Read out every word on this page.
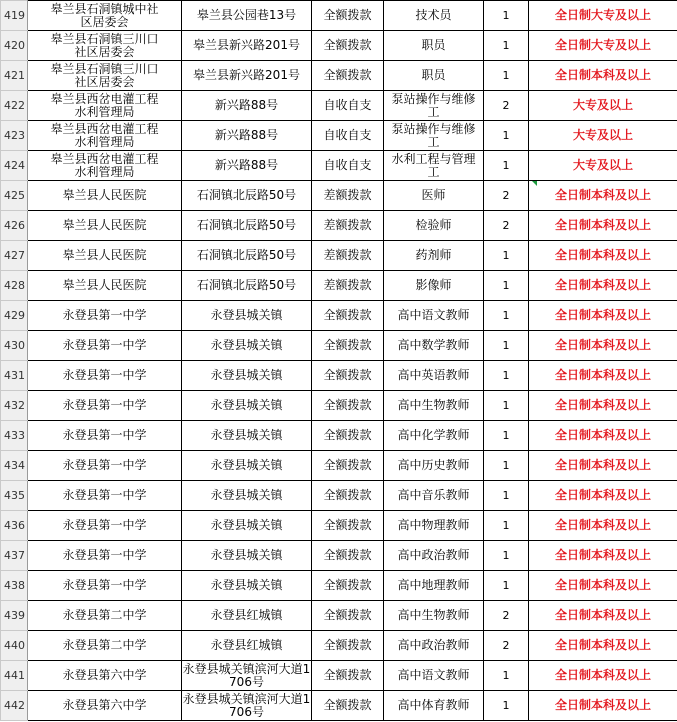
419	皋兰县石洞镇城中社
区居委会	皋兰县公园巷13号	全额拨款	技术员	1	全日制大专及以上
420	皋兰县石洞镇三川口
社区居委会	皋兰县新兴路201号	全额拨款	职员	1	全日制大专及以上
421	皋兰县石洞镇三川口
社区居委会	皋兰县新兴路201号	全额拨款	职员	1	全日制本科及以上
422	皋兰县西岔电灌工程
水利管理局	新兴路88号	自收自支	泵站操作与维修
工	2	大专及以上
423	皋兰县西岔电灌工程
水利管理局	新兴路88号	自收自支	泵站操作与维修
工	1	大专及以上
424	皋兰县西岔电灌工程
水利管理局	新兴路88号	自收自支	水利工程与管理
工	1	大专及以上
425	皋兰县人民医院	石洞镇北辰路50号	差额拨款	医师	2	全日制本科及以上
426	皋兰县人民医院	石洞镇北辰路50号	差额拨款	检验师	2	全日制本科及以上
427	皋兰县人民医院	石洞镇北辰路50号	差额拨款	药剂师	1	全日制本科及以上
428	皋兰县人民医院	石洞镇北辰路50号	差额拨款	影像师	1	全日制本科及以上
429	永登县第一中学	永登县城关镇	全额拨款	高中语文教师	1	全日制本科及以上
430	永登县第一中学	永登县城关镇	全额拨款	高中数学教师	1	全日制本科及以上
431	永登县第一中学	永登县城关镇	全额拨款	高中英语教师	1	全日制本科及以上
432	永登县第一中学	永登县城关镇	全额拨款	高中生物教师	1	全日制本科及以上
433	永登县第一中学	永登县城关镇	全额拨款	高中化学教师	1	全日制本科及以上
434	永登县第一中学	永登县城关镇	全额拨款	高中历史教师	1	全日制本科及以上
435	永登县第一中学	永登县城关镇	全额拨款	高中音乐教师	1	全日制本科及以上
436	永登县第一中学	永登县城关镇	全额拨款	高中物理教师	1	全日制本科及以上
437	永登县第一中学	永登县城关镇	全额拨款	高中政治教师	1	全日制本科及以上
438	永登县第一中学	永登县城关镇	全额拨款	高中地理教师	1	全日制本科及以上
439	永登县第二中学	永登县红城镇	全额拨款	高中生物教师	2	全日制本科及以上
440	永登县第二中学	永登县红城镇	全额拨款	高中政治教师	2	全日制本科及以上
441	永登县第六中学	永登县城关镇滨河大道1
706号	全额拨款	高中语文教师	1	全日制本科及以上
442	永登县第六中学	永登县城关镇滨河大道1
706号	全额拨款	高中体育教师	1	全日制本科及以上
